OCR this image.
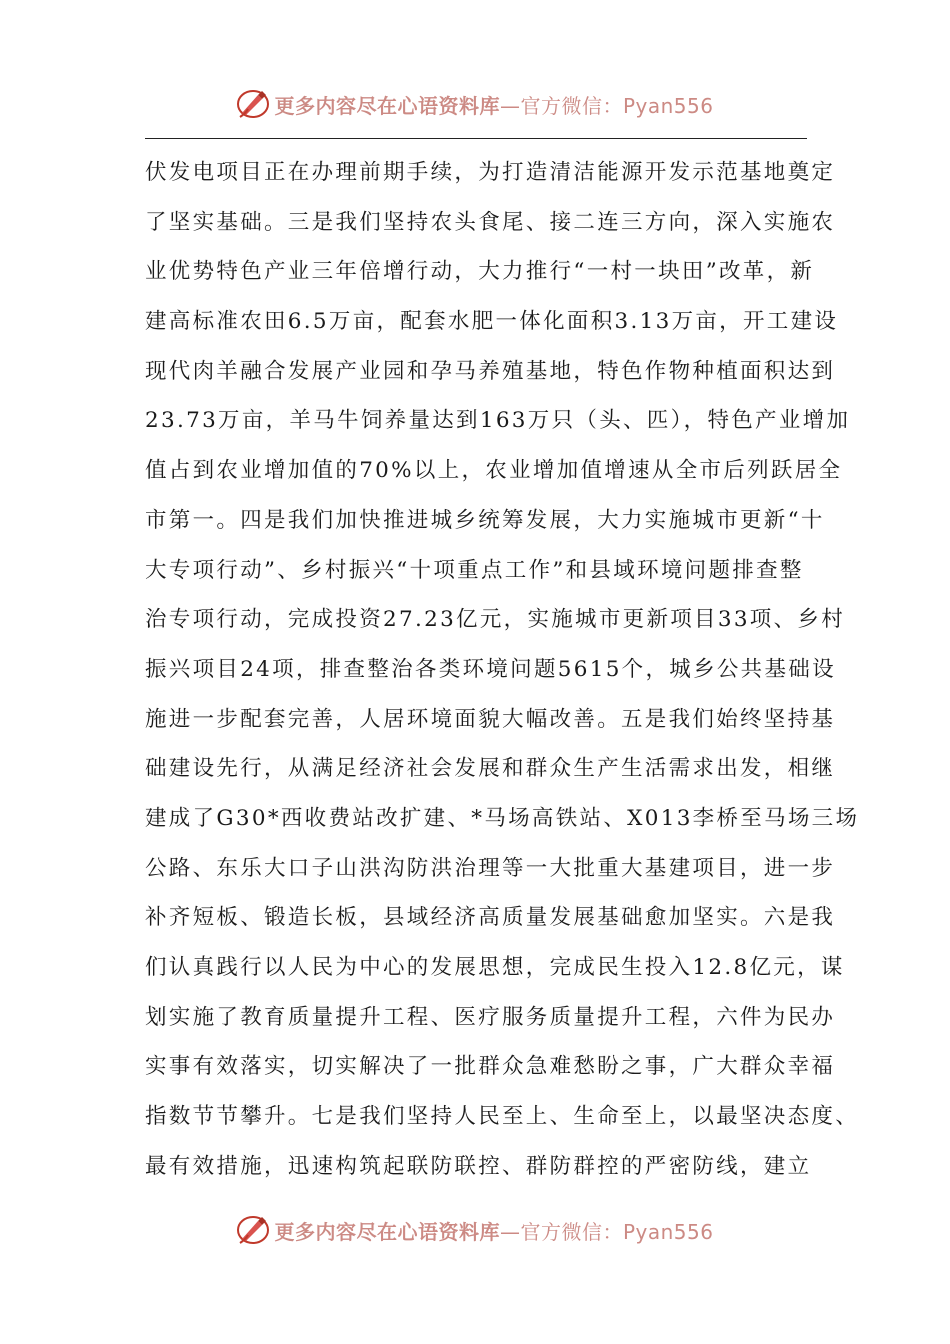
更多内容尽在心语资料库—官方微信：Pyan556
伏发电项目正在办理前期手续，为打造清洁能源开发示范基地奠定
了坚实基础。三是我们坚持农头食尾、接二连三方向，深入实施农
业优势特色产业三年倍增行动，大力推行“一村一块田”改革，新
建高标准农田6.5万亩，配套水肥一体化面积3.13万亩，开工建设
现代肉羊融合发展产业园和孕马养殖基地，特色作物种植面积达到
23.73万亩，羊马牛饲养量达到163万只（头、匹），特色产业增加
值占到农业增加值的70%以上，农业增加值增速从全市后列跃居全
市第一。四是我们加快推进城乡统筹发展，大力实施城市更新“十
大专项行动”、乡村振兴“十项重点工作”和县域环境问题排查整
治专项行动，完成投资27.23亿元，实施城市更新项目33项、乡村
振兴项目24项，排查整治各类环境问题5615个，城乡公共基础设
施进一步配套完善，人居环境面貌大幅改善。五是我们始终坚持基
础建设先行，从满足经济社会发展和群众生产生活需求出发，相继
建成了G30*西收费站改扩建、*马场高铁站、X013李桥至马场三场
公路、东乐大口子山洪沟防洪治理等一大批重大基建项目，进一步
补齐短板、锻造长板，县域经济高质量发展基础愈加坚实。六是我
们认真践行以人民为中心的发展思想，完成民生投入12.8亿元，谋
划实施了教育质量提升工程、医疗服务质量提升工程，六件为民办
实事有效落实，切实解决了一批群众急难愁盼之事，广大群众幸福
指数节节攀升。七是我们坚持人民至上、生命至上，以最坚决态度、
最有效措施，迅速构筑起联防联控、群防群控的严密防线，建立
更多内容尽在心语资料库—官方微信：Pyan556
